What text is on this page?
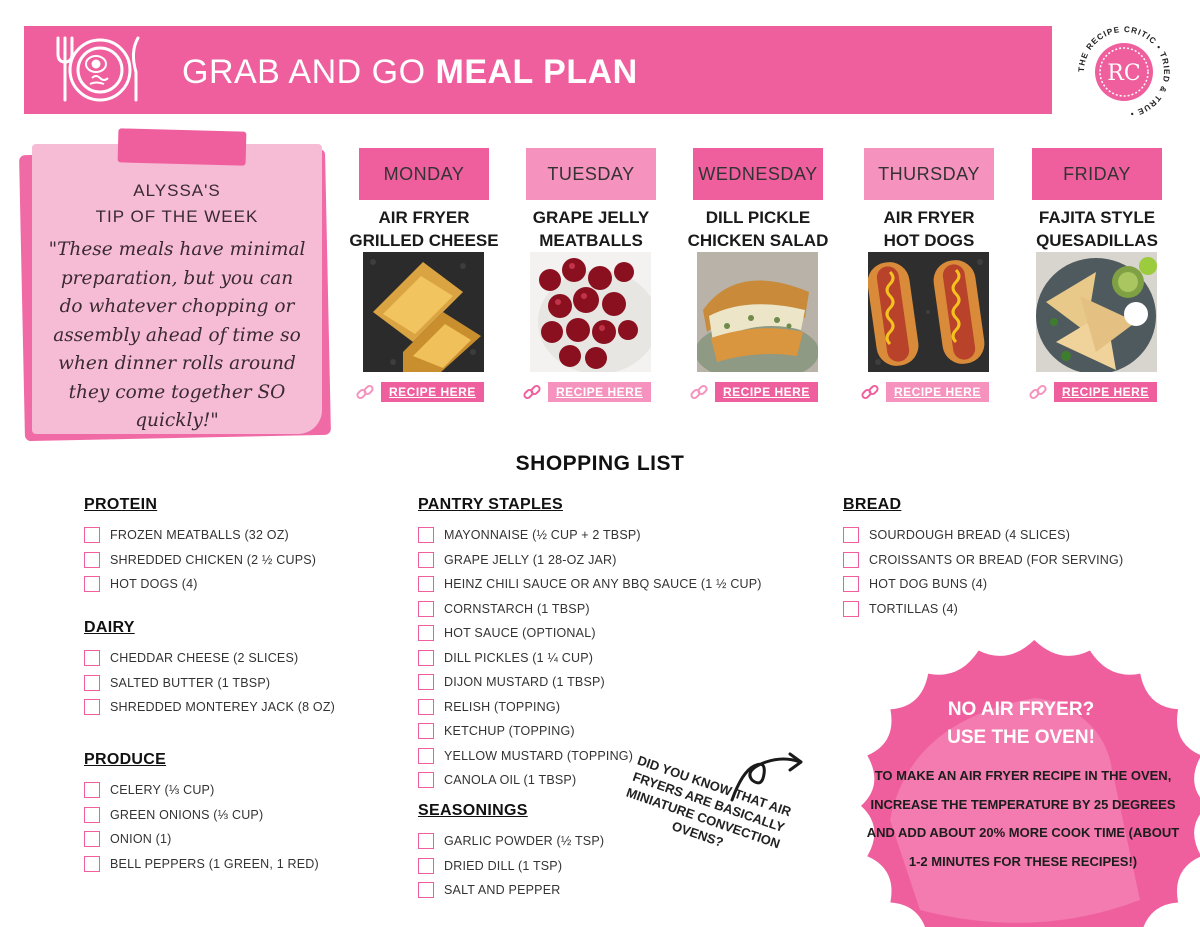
GRAB AND GO MEAL PLAN	THE RECIPE CRITIC • TRIED & TRUE •
RC
ALYSSA'S
TIP OF THE WEEK
"These meals have minimal preparation, but you can do whatever chopping or assembly ahead of time so when dinner rolls around they come together SO quickly!"
MONDAY
AIR FRYER
GRILLED CHEESE
RECIPE HERE
TUESDAY
GRAPE JELLY
MEATBALLS
RECIPE HERE
WEDNESDAY
DILL PICKLE
CHICKEN SALAD
RECIPE HERE
THURSDAY
AIR FRYER
HOT DOGS
RECIPE HERE
FRIDAY
FAJITA STYLE
QUESADILLAS
RECIPE HERE
SHOPPING LIST
PROTEIN
FROZEN MEATBALLS (32 OZ)
SHREDDED CHICKEN (2 ½ CUPS)
HOT DOGS (4)
DAIRY
CHEDDAR CHEESE (2 SLICES)
SALTED BUTTER (1 TBSP)
SHREDDED MONTEREY JACK (8 OZ)
PRODUCE
CELERY (⅓ CUP)
GREEN ONIONS (⅓ CUP)
ONION (1)
BELL PEPPERS (1 GREEN, 1 RED)
PANTRY STAPLES
MAYONNAISE (½ CUP + 2 TBSP)
GRAPE JELLY (1 28-OZ JAR)
HEINZ CHILI SAUCE OR ANY BBQ SAUCE (1 ½ CUP)
CORNSTARCH (1 TBSP)
HOT SAUCE (OPTIONAL)
DILL PICKLES (1 ¼ CUP)
DIJON MUSTARD (1 TBSP)
RELISH (TOPPING)
KETCHUP (TOPPING)
YELLOW MUSTARD (TOPPING)
CANOLA OIL (1 TBSP)
SEASONINGS
GARLIC POWDER (½ TSP)
DRIED DILL (1 TSP)
SALT AND PEPPER
BREAD
SOURDOUGH BREAD (4 SLICES)
CROISSANTS OR BREAD (FOR SERVING)
HOT DOG BUNS (4)
TORTILLAS (4)
DID YOU KNOW THAT AIR FRYERS ARE BASICALLY MINIATURE CONVECTION OVENS?
NO AIR FRYER?
USE THE OVEN!
TO MAKE AN AIR FRYER RECIPE IN THE OVEN, INCREASE THE TEMPERATURE BY 25 DEGREES AND ADD ABOUT 20% MORE COOK TIME (ABOUT 1-2 MINUTES FOR THESE RECIPES!)
